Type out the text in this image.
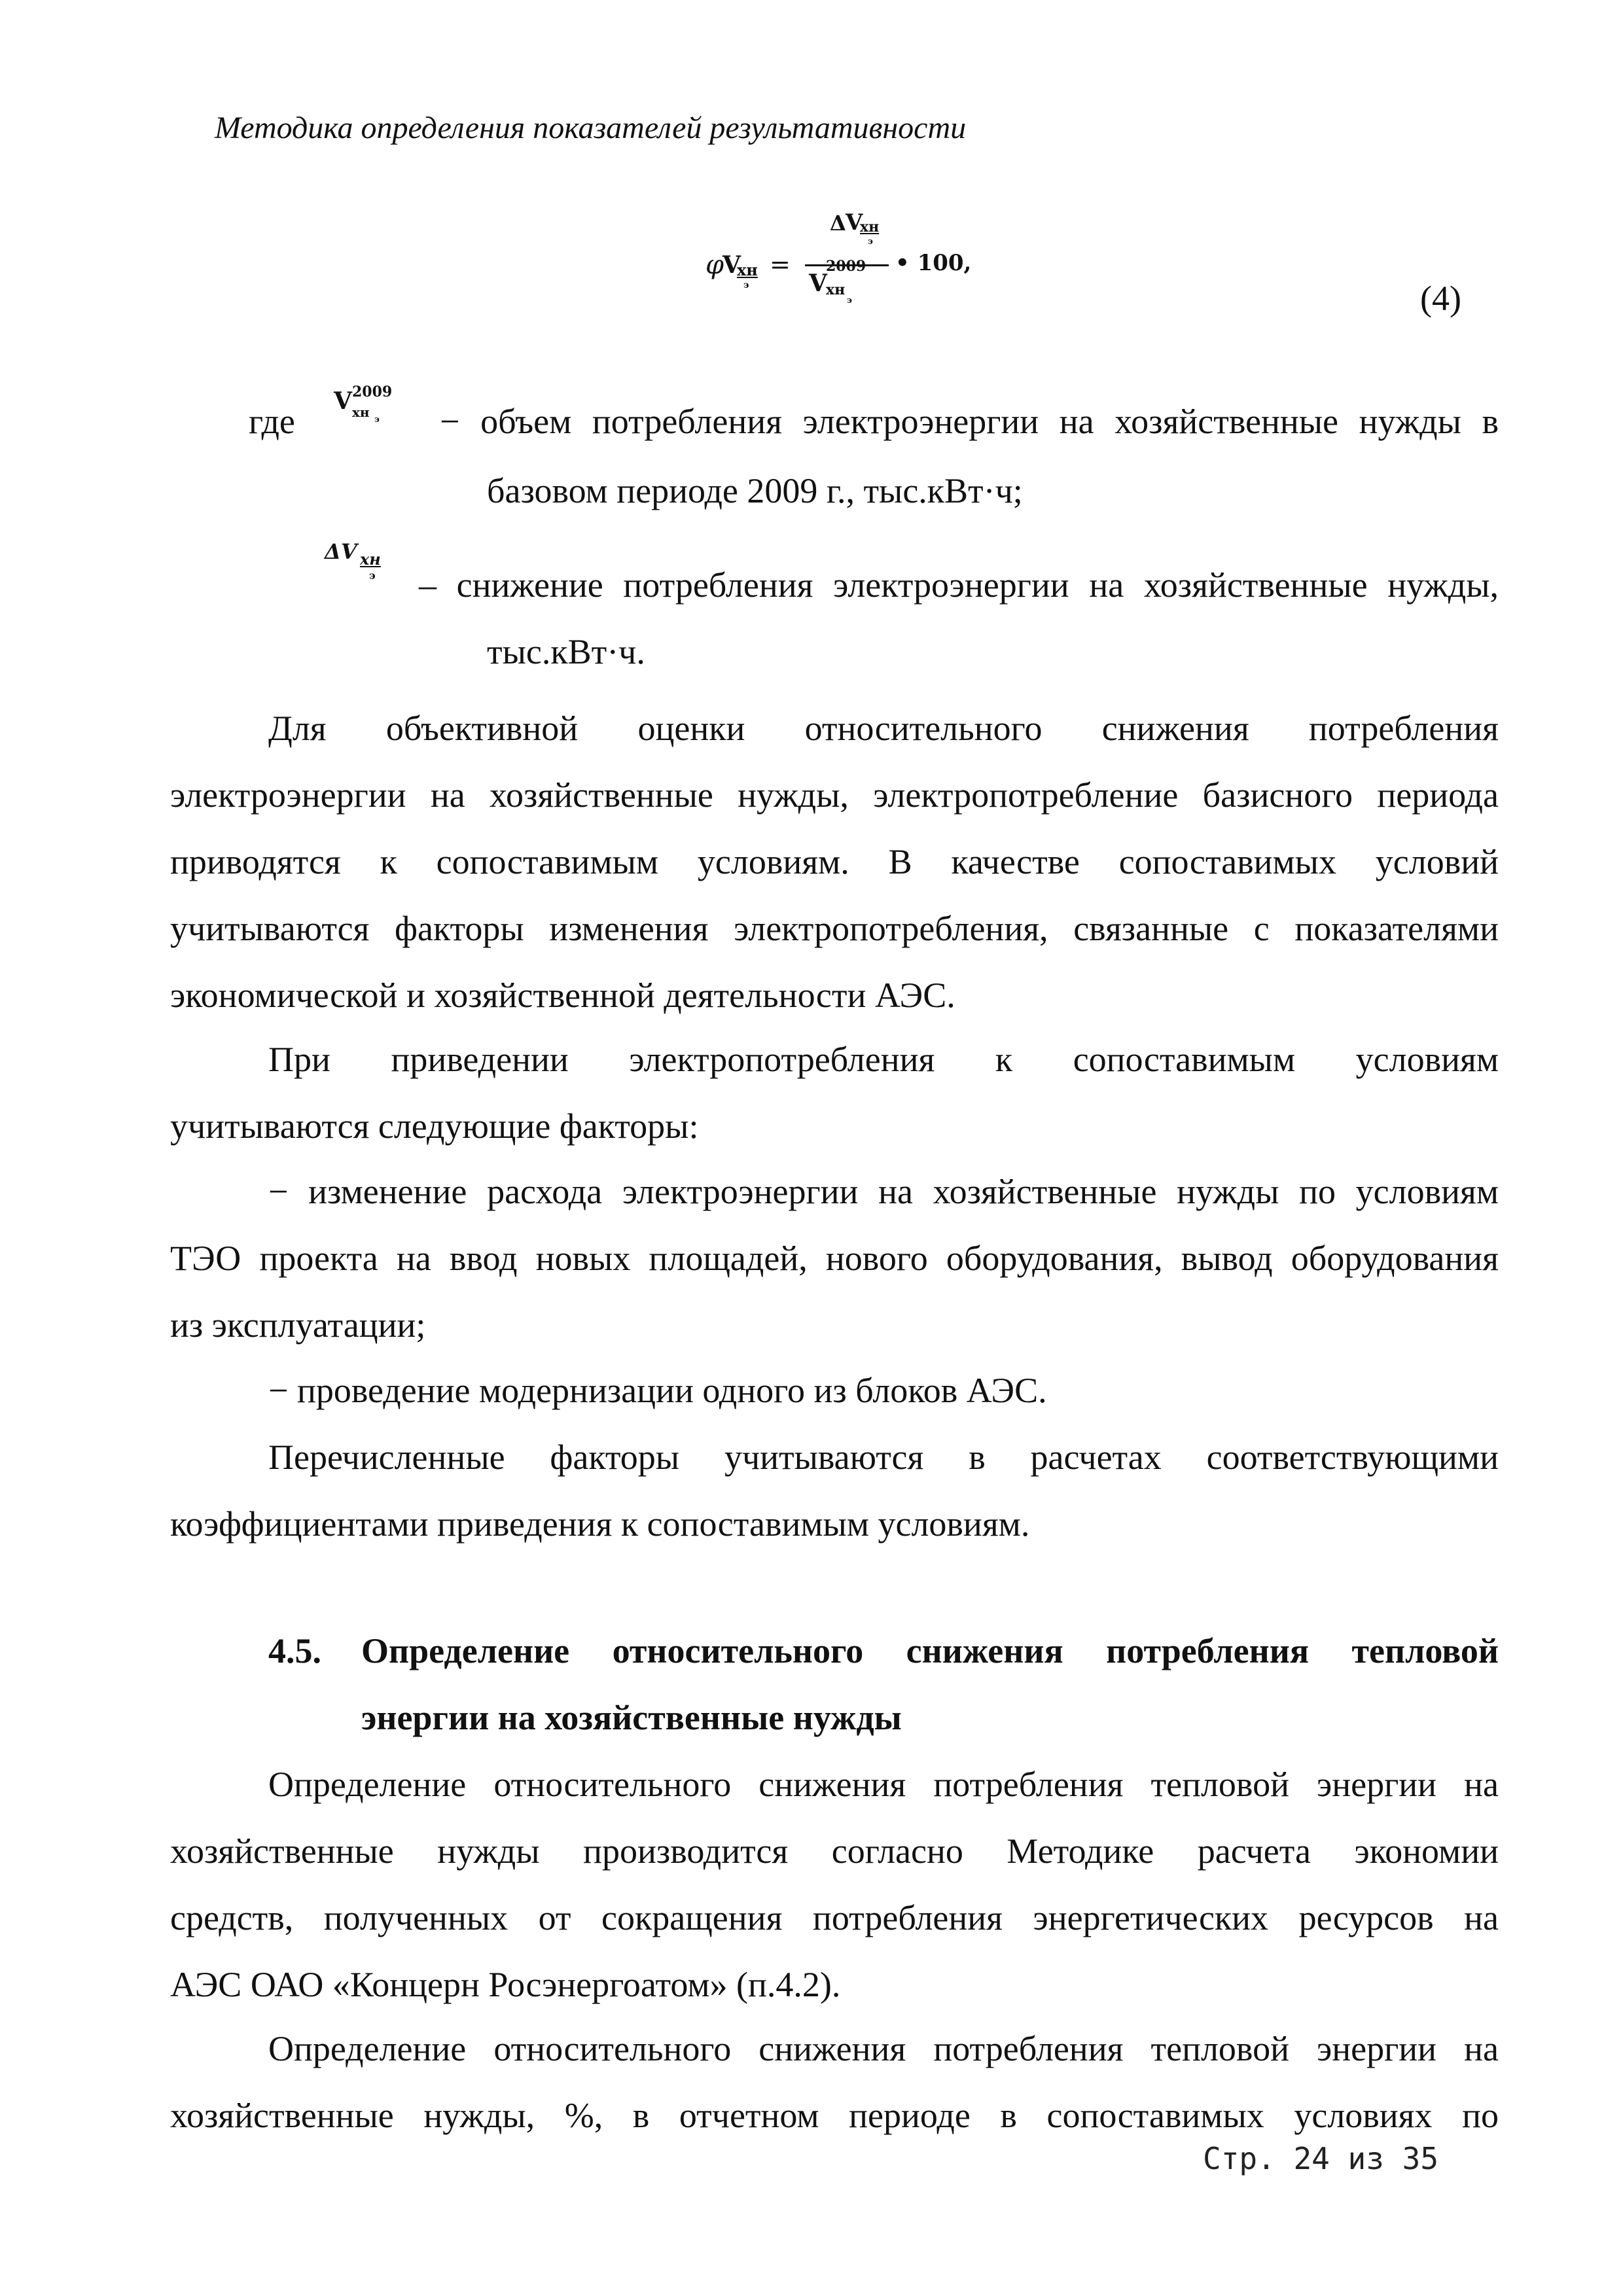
Методика определения показателей результативности
φ
V
хн
э
=
Δ V
хн
э
V
2009
хн
э
• 100,
(4)
где
V 2009
хн э − объем потребления электроэнергии на хозяйственные нужды в
базовом периоде 2009 г., тыс.кВт·ч;
ΔV хн
э – снижение потребления электроэнергии на хозяйственные нужды,
тыс.кВт·ч.
Для объективной оценки относительного снижения потребления
электроэнергии на хозяйственные нужды, электропотребление базисного периода
приводятся к сопоставимым условиям. В качестве сопоставимых условий
учитываются факторы изменения электропотребления, связанные с показателями
экономической и хозяйственной деятельности АЭС.
При приведении электропотребления к сопоставимым условиям
учитываются следующие факторы:
− изменение расхода электроэнергии на хозяйственные нужды по условиям
ТЭО проекта на ввод новых площадей, нового оборудования, вывод оборудования
из эксплуатации;
− проведение модернизации одного из блоков АЭС.
Перечисленные факторы учитываются в расчетах соответствующими
коэффициентами приведения к сопоставимым условиям.
4.5. Определение относительного снижения потребления тепловой
энергии на хозяйственные нужды
Определение относительного снижения потребления тепловой энергии на
хозяйственные нужды производится согласно Методике расчета экономии
средств, полученных от сокращения потребления энергетических ресурсов на
АЭС ОАО «Концерн Росэнергоатом» (п.4.2).
Определение относительного снижения потребления тепловой энергии на
хозяйственные нужды, %, в отчетном периоде в сопоставимых условиях по
Стр. 24 из 35
